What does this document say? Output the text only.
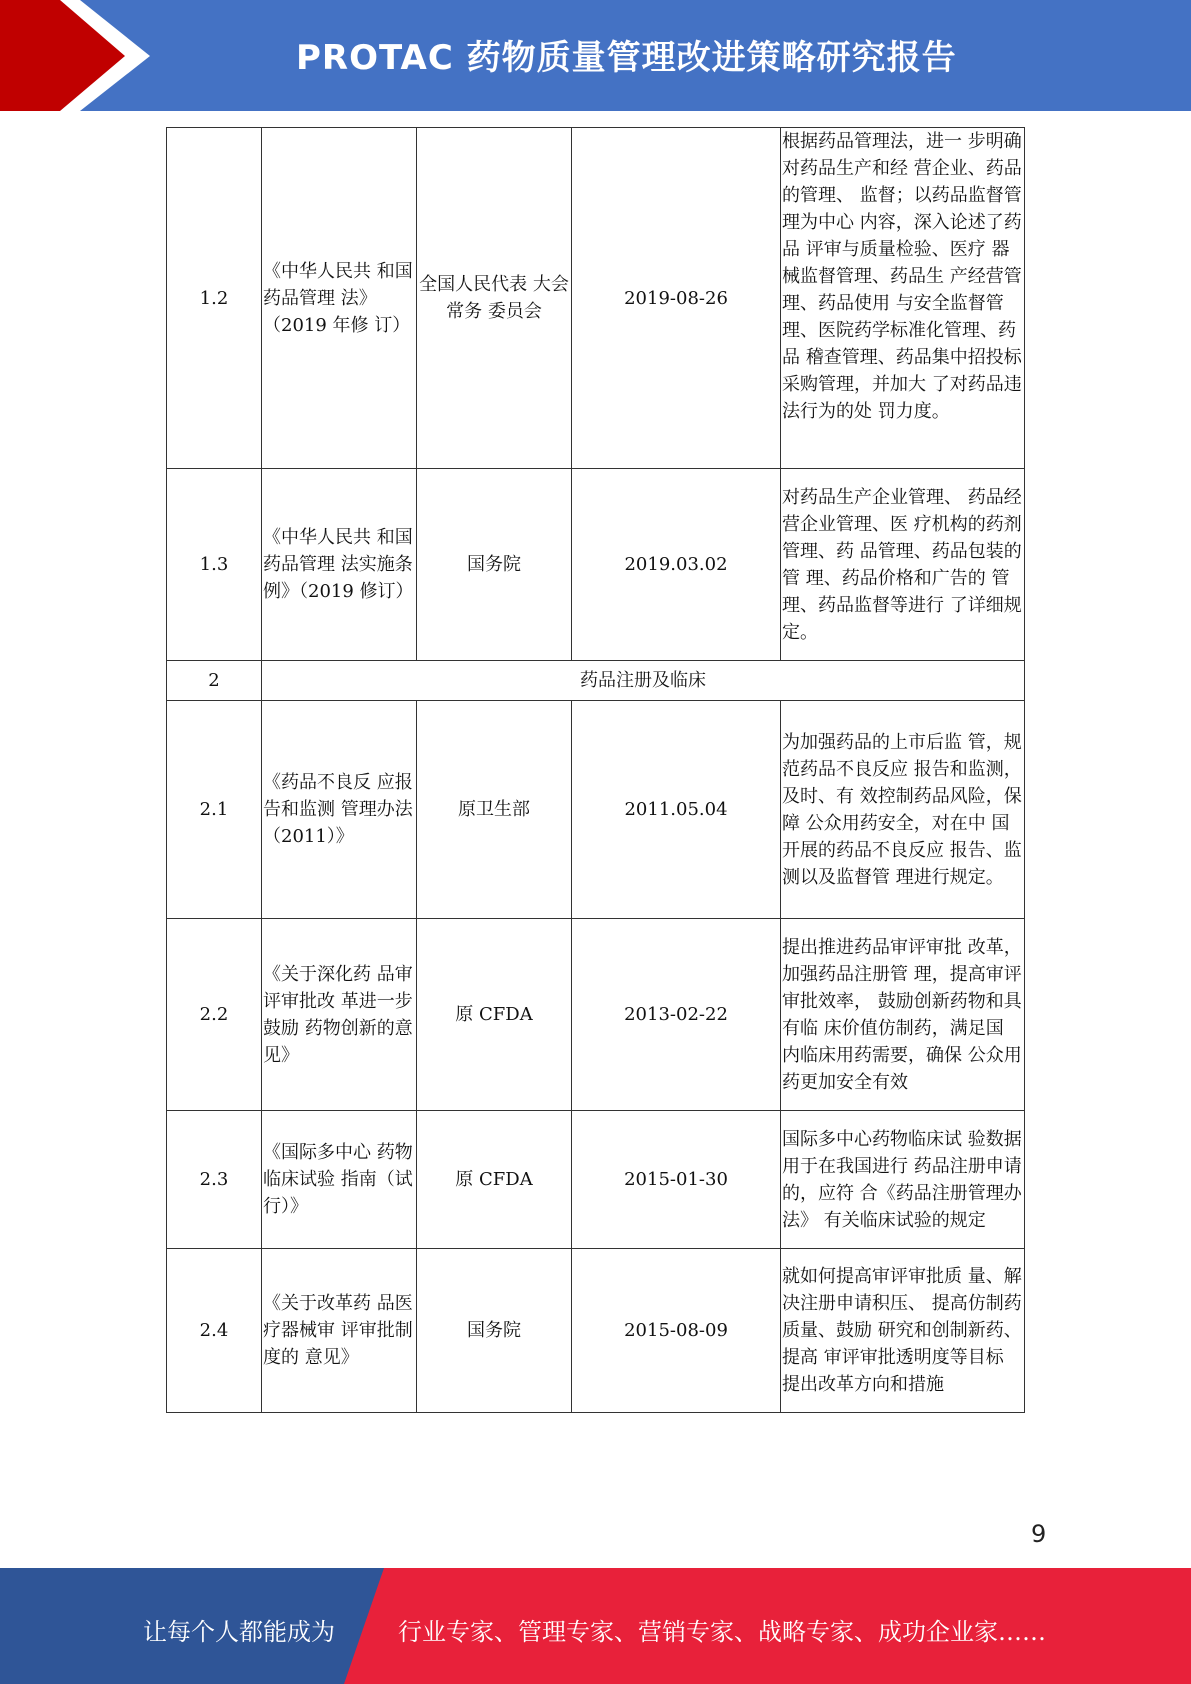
PROTAC 药物质量管理改进策略研究报告
1.2	《中华人民共 和国药品管理 法》（2019 年修 订）	全国人民代表 大会常务 委员会	2019-08-26	根据药品管理法，进一 步明确对药品生产和经 营企业、药品的管理、 监督；以药品监督管理为中心 内容，深入论述了药品 评审与质量检验、医疗 器械监督管理、药品生 产经营管理、药品使用 与安全监督管理、医院药学标准化管理、药品 稽查管理、药品集中招投标采购管理，并加大 了对药品违法行为的处 罚力度。

1.3	《中华人民共 和国药品管理 法实施条例》（2019 修订）	国务院	2019.03.02	对药品生产企业管理、 药品经营企业管理、医 疗机构的药剂管理、药 品管理、药品包装的管 理、药品价格和广告的 管理、药品监督等进行 了详细规定。
2	药品注册及临床			
2.1	《药品不良反 应报告和监测 管理办法（2011）》	原卫生部	2011.05.04	为加强药品的上市后监 管，规范药品不良反应 报告和监测，及时、有 效控制药品风险，保障 公众用药安全，对在中 国开展的药品不良反应 报告、监测以及监督管 理进行规定。
2.2	《关于深化药 品审评审批改 革进一步鼓励 药物创新的意 见》	原 CFDA	2013-02-22	提出推进药品审评审批 改革，加强药品注册管 理，提高审评审批效率， 鼓励创新药物和具有临 床价值仿制药，满足国 内临床用药需要，确保 公众用药更加安全有效
2.3	《国际多中心 药物临床试验 指南（试行）》	原 CFDA	2015-01-30	国际多中心药物临床试 验数据用于在我国进行 药品注册申请的，应符 合《药品注册管理办法》 有关临床试验的规定
2.4	《关于改革药 品医疗器械审 评审批制度的 意见》	国务院	2015-08-09	就如何提高审评审批质 量、解决注册申请积压、 提高仿制药质量、鼓励 研究和创制新药、提高 审评审批透明度等目标 提出改革方向和措施
9
让每个人都能成为	行业专家、管理专家、营销专家、战略专家、成功企业家……
